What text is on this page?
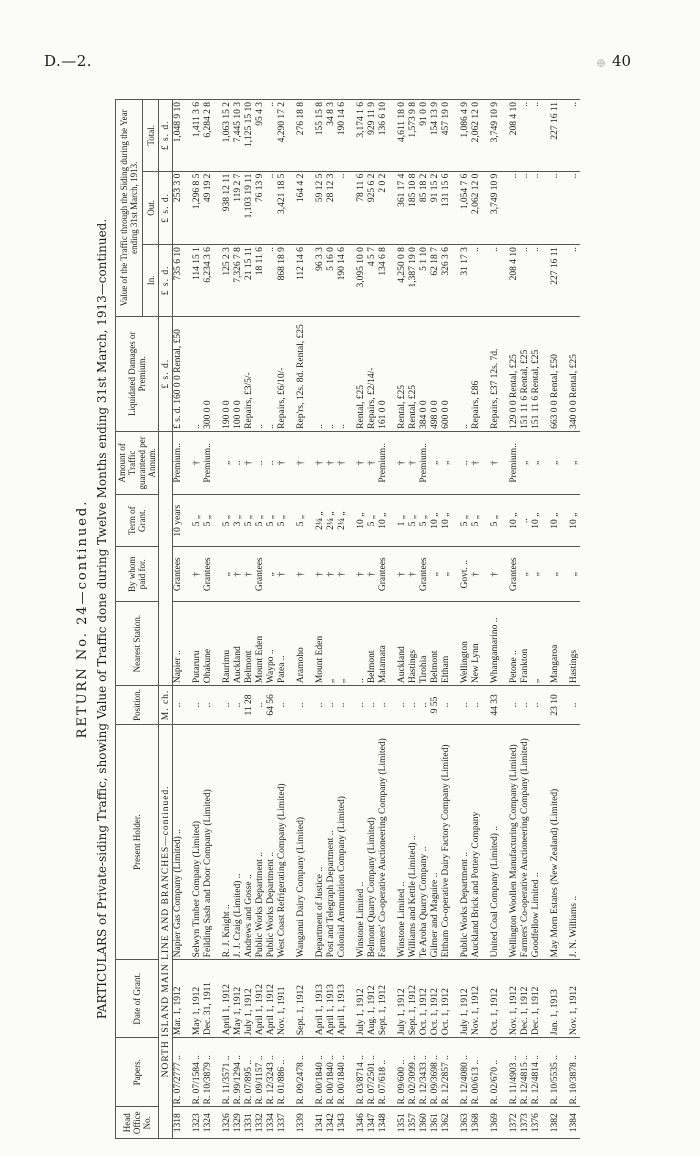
D.—2.	40
⊕
RETURN No. 24—continued. PARTICULARS of Private-siding Traffic, showing Value of Traffic done during Twelve Months ending 31st March, 1913—continued.
Head Office No.	Papers.	Date of Grant.	Present Holder.	Position.	Nearest Station.	By whom paid for.	Term of Grant.	Amount of Traffic guaranteed per Annum.	Liquidated Damages or Premium.	Value of the Traffic through the Siding during the Year ending 31st March, 1913.		
										In.	Out.	Total.
NORTH ISLAND MAIN LINE AND BRANCHES—continued.				M. ch.					£ s. d.	£ s. d.	£ s. d.	£ s. d.
1318	R. 07/2777 ..	Mar. 1, 1912	Napier Gas Company (Limited) ..	..	Napier ..	Grantees	10 years	Premium..	£ s. d. 160 0 0 Rental, £50	735 6 10	253 3 0	1,048 9 10

1323	R. 07/1584 ..	May 1, 1912	Selwyn Timber Company (Limited)	..	Putaruru	†	5 „	†	..	114 15 1	1,296 8 5	1,411 3 6
1324	R. 10/3879 ..	Dec. 31, 1911	Feilding Sash and Door Company (Limited)	..	Ohakune	Grantees	5 „	Premium..	300 0 0	6,234 3 6	49 19 2	6,284 2 8

1326	R. 11/3571 ..	April 1, 1912	R. J. Knight ..	..	Raurimu	„	5 „	„	190 0 0	125 2 3	938 12 11	1,063 15 2
1329	R. 99/1294 ..	May 1, 1912	J. J. Craig (Limited) ..	..	Auckland	†	3 „	..	100 0 0	7,326 7 8	119 2 7	7,445 10 3
1331	R. 07/895 ..	July 1, 1912	Andrews and Gosse ..	11 28	Belmont	†	5 „	†	Repairs, £3/5/-	21 15 11	1,103 19 11	1,125 15 10
1332	R. 09/1157 ..	April 1, 1912	Public Works Department ..	..	Mount Eden	Grantees	5 „	..	..	18 11 6	76 13 9	95 4 3
1334	R. 12/3243 ..	April 1, 1912	Public Works Department ..	64 56	Waypo ..	„	5 „	..	..	..	..	..
1337	R. 01/886 ..	Nov. 1, 1911	West Coast Refrigerating Company (Limited)	..	Patea ..	†	5 „	†	Repairs, £6/10/-	868 18 9	3,421 18 5	4,290 17 2

1339	R. 09/2478 ..	Sept. 1, 1912	Wanganui Dairy Company (Limited)	..	Aramoho	†	5 „	†	Rep'rs, 12s. 8d. Rental, £25	112 14 6	164 4 2	276 18 8

1341	R. 00/1840 ..	April 1, 1913	Department of Justice ..	..	Mount Eden	†	2¼ „	†	..	96 3 3	59 12 5	155 15 8
1342	R. 00/1840 ..	April 1, 1913	Post and Telegraph Department ..	..	„	†	2¼ „	†	..	5 16 0	28 12 3	34 8 3
1343	R. 00/1840 ..	April 1, 1913	Colonial Ammunition Company (Limited)	..	„	†	2¼ „	†	..	190 14 6	..	190 14 6

1346	R. 03/8714 ..	July 1, 1912	Winstone Limited ..	..	..	†	10 „	†	Rental, £25	3,095 10 0	78 11 6	3,174 1 6
1347	R. 07/2501 ..	Aug. 1, 1912	Belmont Quarry Company (Limited)	..	Belmont	†	5 „	†	Repairs, £2/14/-	4 5 7	925 6 2	929 11 9
1348	R. 07/618 ..	Sept. 1, 1912	Farmers' Co-operative Auctioneering Company (Limited)	..	Matamata	Grantees	10 „	Premium..	161 0 0	134 6 8	2 0 2	136 6 10

1351	R. 09/600 ..	July 1, 1912	Winstone Limited ..	..	Auckland	†	1 „	†	Rental, £25	4,250 0 8	361 17 4	4,611 18 0
1357	R. 02/3099 ..	Sept. 1, 1912	Williams and Kettle (Limited) ..	..	Hastings	†	5 „	†	Rental, £25	1,387 19 0	185 10 8	1,573 9 8
1360	R. 12/3433 ..	Oct. 1, 1912	Te Aroha Quarry Company ..	..	Tirohia	Grantees	5 „	Premium..	384 0 0	5 1 10	85 18 2	91 0 0
1361	R. 09/3698 ..	Oct. 1, 1912	Gilmer and Maguire ..	9 55	Belmont	„	10 „	„	498 0 0	62 18 7	91 15 2	154 13 9
1362	R. 12/2857 ..	Oct. 1, 1912	Eltham Co-operative Dairy Factory Company (Limited)	..	Eltham	„	10 „	„	600 0 0	326 3 6	131 15 6	457 19 0

1363	R. 12/4080 ..	July 1, 1912	Public Works Department ..	..	Wellington	Govt. ..	5 „	..	..	31 17 3	1,054 7 6	1,086 4 9
1368	R. 00/613 ..	Nov. 1, 1912	Auckland Brick and Pottery Company	..	New Lynn	†	5 „	†	Repairs, £86	..	2,062 12 0	2,062 12 0

1369	R. 02/670 ..	Oct. 1, 1912	United Coal Company (Limited) ..	44 33	Whangamarino ..	†	5 „	†	Repairs, £37 12s. 7d.	..	3,749 10 9	3,749 10 9

1372	R. 11/4903 ..	Nov. 1, 1912	Wellington Woollen Manufacturing Company (Limited)	..	Petone ..	Grantees	10 „	Premium..	129 0 0 Rental, £25	208 4 10	..	208 4 10
1373	R. 12/4815 ..	Dec. 1, 1912	Farmers' Co-operative Auctioneering Company (Limited)	..	Frankton	„	..	„	151 11 6 Rental, £25	..	..	..
1376	R. 12/4814 ..	Dec. 1, 1912	Goodfellow Limited ..	..	„	„	10 „	„	151 11 6 Rental, £25	..	..	..

1382	R. 10/5535 ..	Jan. 1, 1913	May Morn Estates (New Zealand) (Limited)	23 10	Mangaroa	„	10 „	„	663 0 0 Rental, £50	227 16 11	..	227 16 11

1384	R. 10/3878 ..	Nov. 1, 1912	J. N. Williams ..	..	Hastings	„	10 „	„	340 0 0 Rental, £25	..	..	..
